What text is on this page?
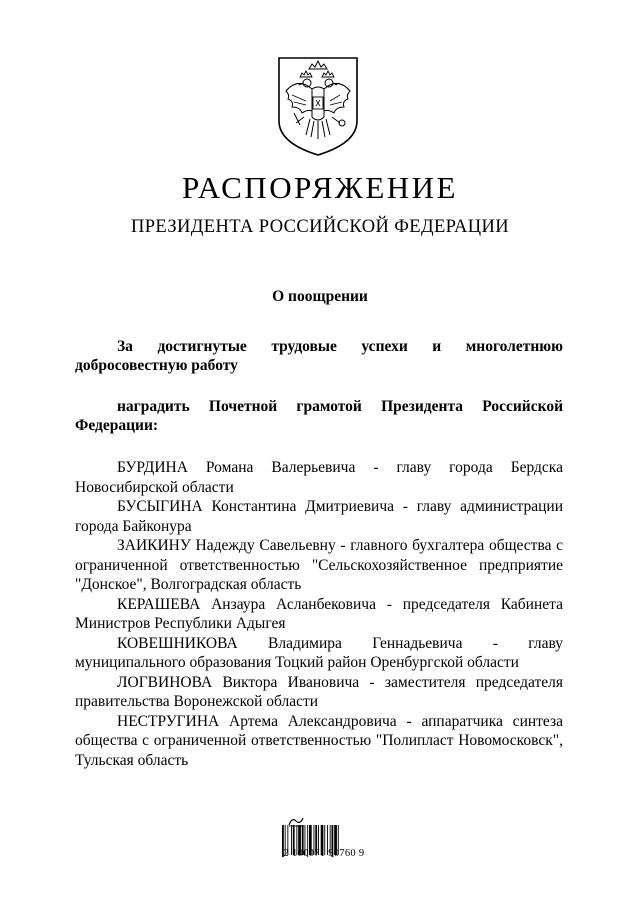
РАСПОРЯЖЕНИЕ
ПРЕЗИДЕНТА РОССИЙСКОЙ ФЕДЕРАЦИИ
О поощрении
За достигнутые трудовые успехи и многолетнюю добросовестную работу
наградить Почетной грамотой Президента Российской Федерации:

БУРДИНА Романа Валерьевича - главу города Бердска Новосибирской области

БУСЫГИНА Константина Дмитриевича - главу администрации города Байконура

ЗАИКИНУ Надежду Савельевну - главного бухгалтера общества с ограниченной ответственностью "Сельскохозяйственное предприятие "Донское", Волгоградская область

КЕРАШЕВА Анзаура Асланбековича - председателя Кабинета Министров Республики Адыгея

КОВЕШНИКОВА Владимира Геннадьевича - главу муниципального образования Тоцкий район Оренбургской области

ЛОГВИНОВА Виктора Ивановича - заместителя председателя правительства Воронежской области

НЕСТРУГИНА Артема Александровича - аппаратчика синтеза общества с ограниченной ответственностью "Полипласт Новомосковск", Тульская область

2 100071 90760 9
